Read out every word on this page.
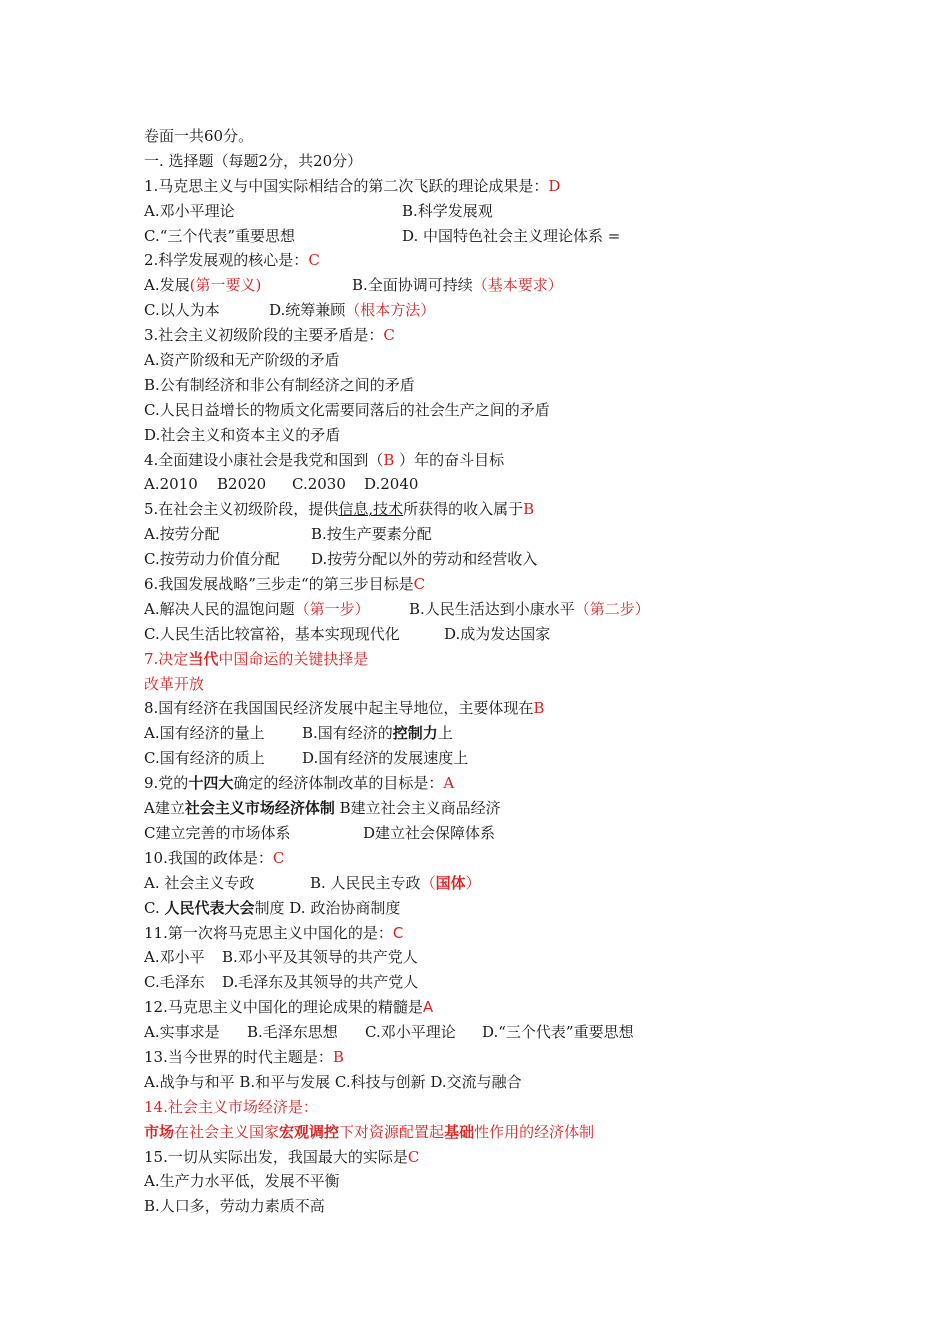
卷面一共60分。
一. 选择题（每题2分，共20分）
1.马克思主义与中国实际相结合的第二次飞跃的理论成果是：D
A.邓小平理论	B.科学发展观
C.“三个代表”重要思想	D. 中国特色社会主义理论体系 =
2.科学发展观的核心是：C
A.发展(第一要义)	B.全面协调可持续（基本要求）
C.以人为本	D.统筹兼顾（根本方法）
3.社会主义初级阶段的主要矛盾是：C
A.资产阶级和无产阶级的矛盾
B.公有制经济和非公有制经济之间的矛盾
C.人民日益增长的物质文化需要同落后的社会生产之间的矛盾
D.社会主义和资本主义的矛盾
4.全面建设小康社会是我党和国到（B ）年的奋斗目标
A.2010 B2020 C.2030 D.2040
5.在社会主义初级阶段，提供信息,技术所获得的收入属于B
A.按劳分配	B.按生产要素分配
C.按劳动力价值分配 D.按劳分配以外的劳动和经营收入
6.我国发展战略”三步走“的第三步目标是C
A.解决人民的温饱问题（第一步）	B.人民生活达到小康水平（第二步）
C.人民生活比较富裕，基本实现现代化	D.成为发达国家
7.决定当代中国命运的关键抉择是
改革开放
8.国有经济在我国国民经济发展中起主导地位，主要体现在B
A.国有经济的量上 B.国有经济的控制力上
C.国有经济的质上 D.国有经济的发展速度上
9.党的十四大确定的经济体制改革的目标是：A
A建立社会主义市场经济体制 B建立社会主义商品经济
C建立完善的市场体系	D建立社会保障体系
10.我国的政体是：C
A. 社会主义专政	B. 人民民主专政（国体）
C. 人民代表大会制度 D. 政治协商制度
11.第一次将马克思主义中国化的是：C
A.邓小平 B.邓小平及其领导的共产党人
C.毛泽东 D.毛泽东及其领导的共产党人
12.马克思主义中国化的理论成果的精髓是A
A.实事求是 B.毛泽东思想 C.邓小平理论 D.“三个代表”重要思想
13.当今世界的时代主题是：B
A.战争与和平 B.和平与发展 C.科技与创新 D.交流与融合
14.社会主义市场经济是：
市场在社会主义国家宏观调控下对资源配置起基础性作用的经济体制
15.一切从实际出发，我国最大的实际是C
A.生产力水平低，发展不平衡
B.人口多，劳动力素质不高
